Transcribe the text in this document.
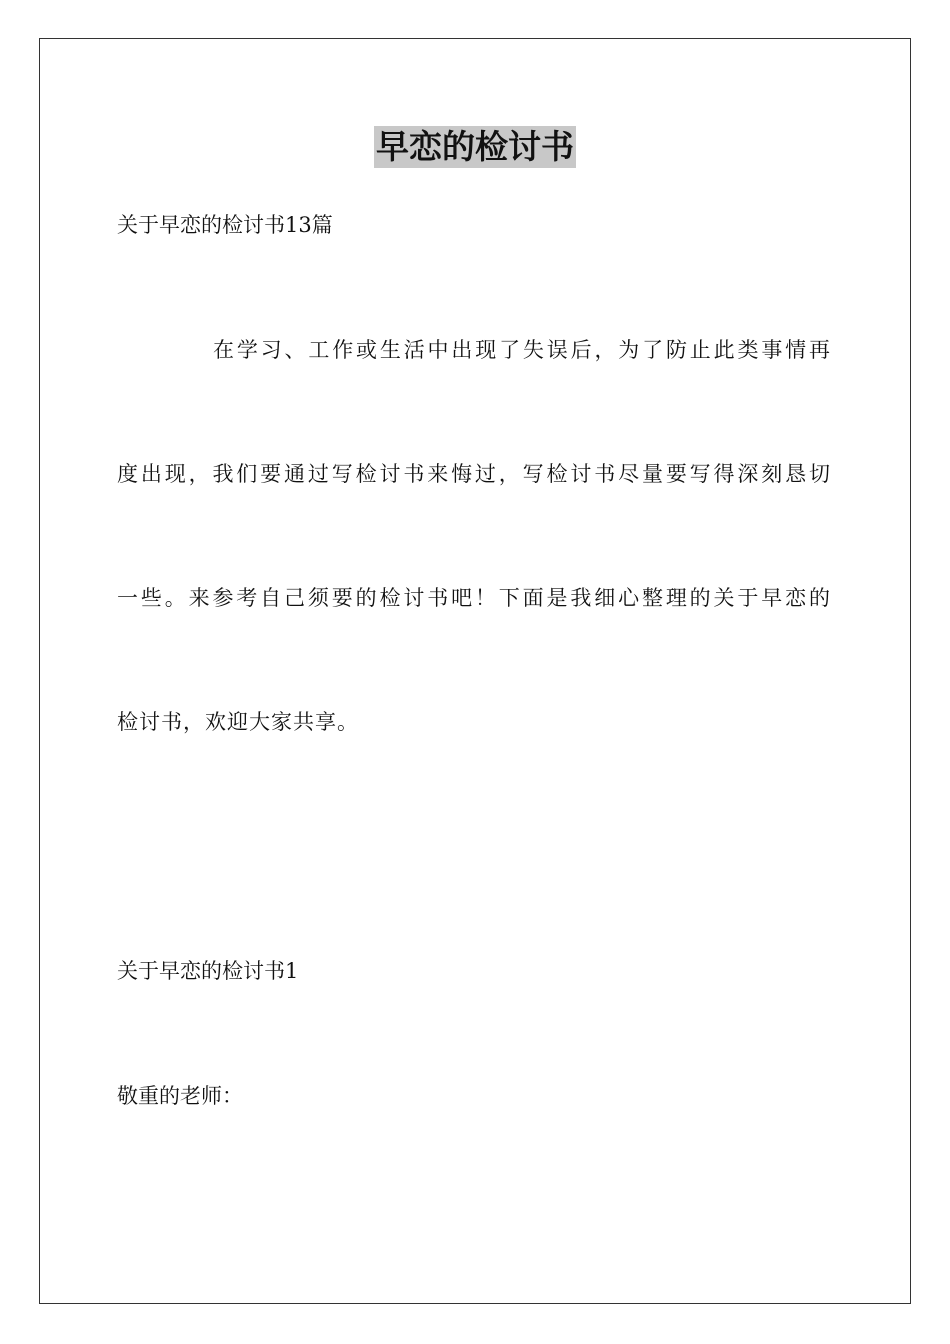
早恋的检讨书
关于早恋的检讨书13篇
在学习、工作或生活中出现了失误后，为了防止此类事情再
度出现，我们要通过写检讨书来悔过，写检讨书尽量要写得深刻恳切
一些。来参考自己须要的检讨书吧！下面是我细心整理的关于早恋的
检讨书，欢迎大家共享。
关于早恋的检讨书1
敬重的老师：
